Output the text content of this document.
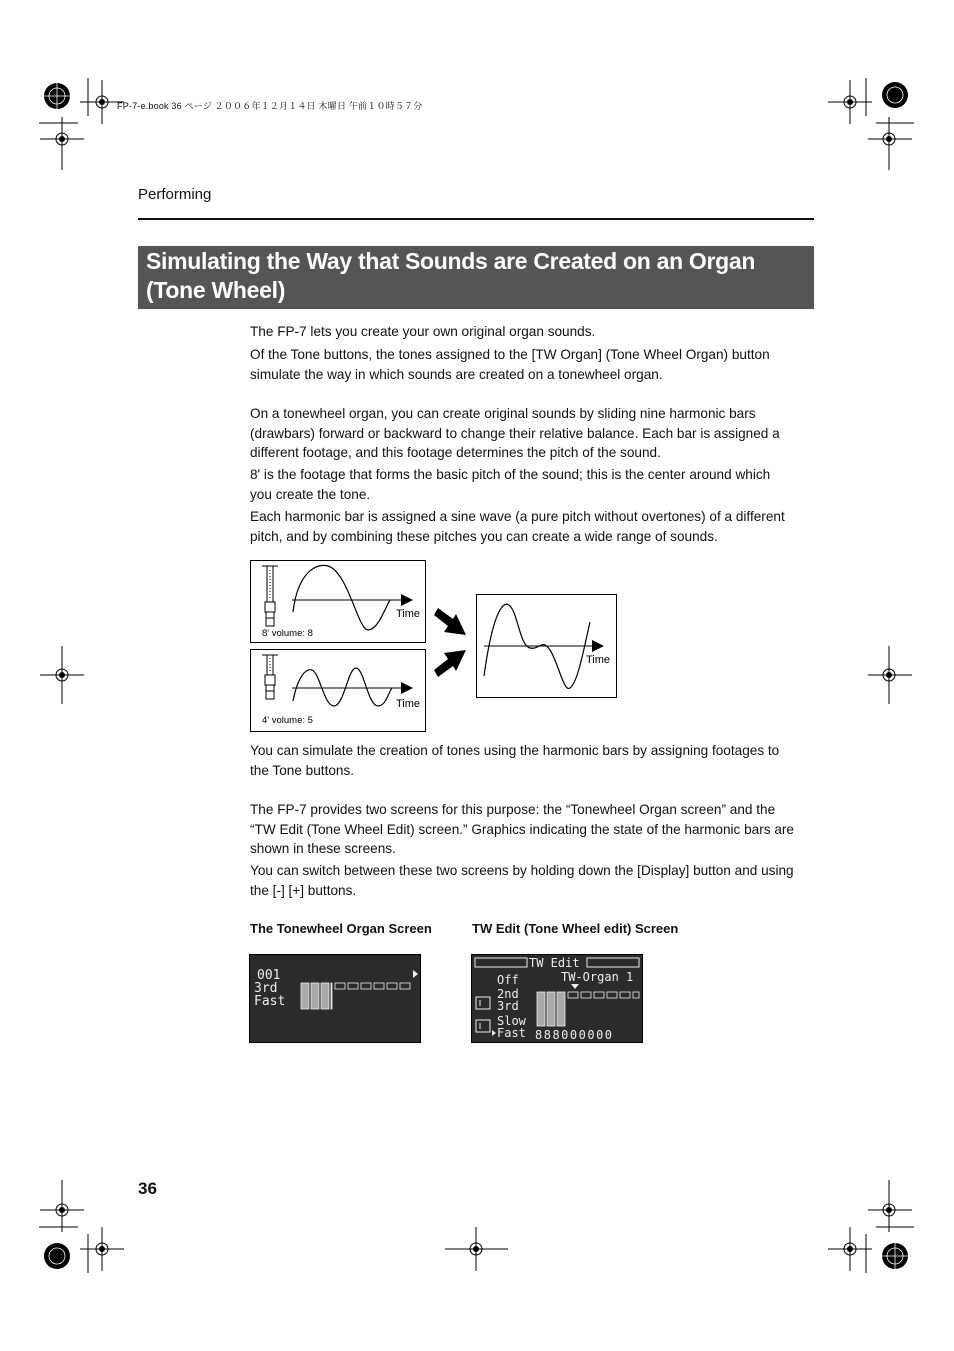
FP-7-e.book 36 ページ ２００６年１２月１４日 木曜日 午前１０時５７分
Performing
Simulating the Way that Sounds are Created on an Organ
(Tone Wheel)
The FP-7 lets you create your own original organ sounds.
Of the Tone buttons, the tones assigned to the [TW Organ] (Tone Wheel Organ) button simulate the way in which sounds are created on a tonewheel organ.
On a tonewheel organ, you can create original sounds by sliding nine harmonic bars (drawbars) forward or backward to change their relative balance. Each bar is assigned a different footage, and this footage determines the pitch of the sound.
8' is the footage that forms the basic pitch of the sound; this is the center around which you create the tone.
Each harmonic bar is assigned a sine wave (a pure pitch without overtones) of a different pitch, and by combining these pitches you can create a wide range of sounds.
Time
8' volume: 8
Time
4' volume: 5
Time
You can simulate the creation of tones using the harmonic bars by assigning footages to the Tone buttons.
The FP-7 provides two screens for this purpose: the “Tonewheel Organ screen” and the “TW Edit (Tone Wheel Edit) screen.” Graphics indicating the state of the harmonic bars are shown in these screens.
You can switch between these two screens by holding down the [Display] button and using the [-] [+] buttons.
The Tonewheel Organ Screen	TW Edit (Tone Wheel edit) Screen
001
3rd
Fast
TW Edit
TW-Organ 1
Off
2nd
3rd
Slow
Fast 888000000
36
